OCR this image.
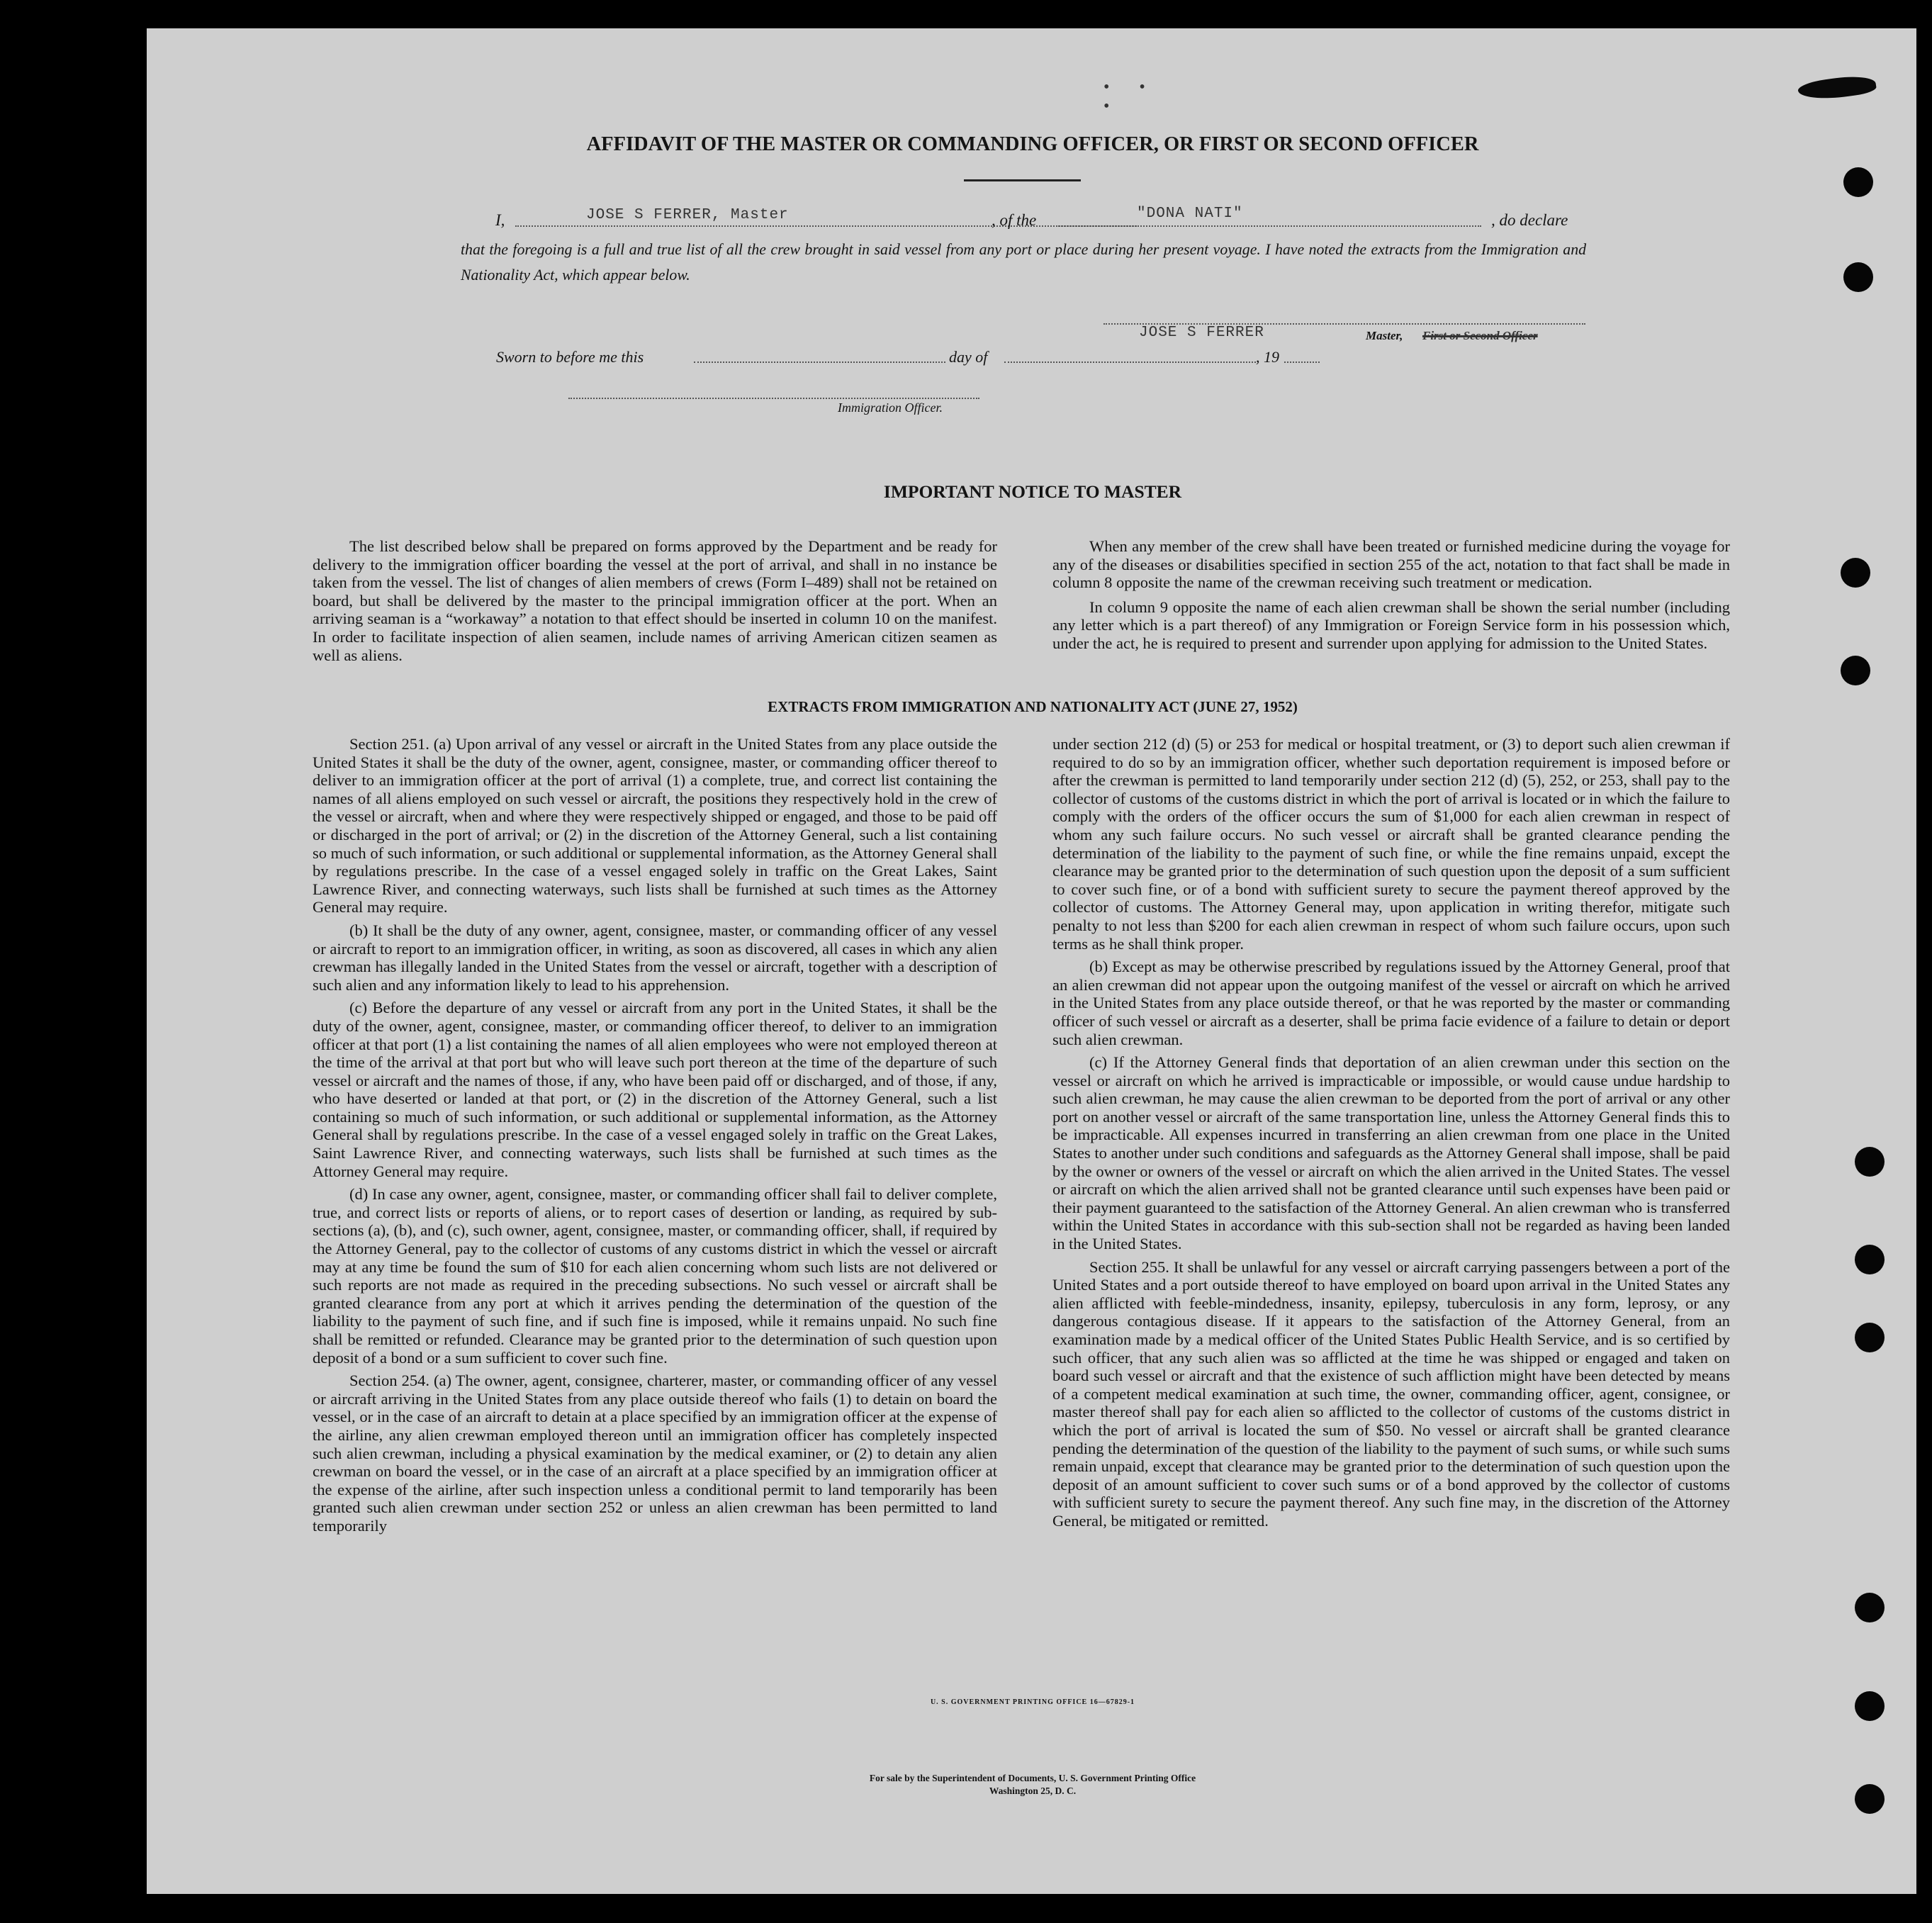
• • •
AFFIDAVIT OF THE MASTER OR COMMANDING OFFICER, OR FIRST OR SECOND OFFICER
I,	JOSE S FERRER, Master	, of the	"DONA NATI"	, do declare
that the foregoing is a full and true list of all the crew brought in said vessel from any port or place during her present voyage. I have noted the extracts from the Immigration and Nationality Act, which appear below.
JOSE S FERRER	Master, First or Second Officer
Sworn to before me this	day of	, 19
Immigration Officer.
IMPORTANT NOTICE TO MASTER

The list described below shall be prepared on forms approved by the Department and be ready for delivery to the immigration officer boarding the vessel at the port of arrival, and shall in no instance be taken from the vessel. The list of changes of alien members of crews (Form I–489) shall not be retained on board, but shall be delivered by the master to the principal immigration officer at the port. When an arriving seaman is a “workaway” a notation to that effect should be inserted in column 10 on the manifest. In order to facilitate inspection of alien seamen, include names of arriving American citizen seamen as well as aliens.

When any member of the crew shall have been treated or furnished medicine during the voyage for any of the diseases or disabilities specified in section 255 of the act, notation to that fact shall be made in column 8 opposite the name of the crewman receiving such treatment or medication.

In column 9 opposite the name of each alien crewman shall be shown the serial number (including any letter which is a part thereof) of any Immigration or Foreign Service form in his possession which, under the act, he is required to present and surrender upon applying for admission to the United States.

EXTRACTS FROM IMMIGRATION AND NATIONALITY ACT (JUNE 27, 1952)

Section 251. (a) Upon arrival of any vessel or aircraft in the United States from any place outside the United States it shall be the duty of the owner, agent, consignee, master, or commanding officer thereof to deliver to an immigration officer at the port of arrival (1) a complete, true, and correct list containing the names of all aliens employed on such vessel or aircraft, the positions they respectively hold in the crew of the vessel or aircraft, when and where they were respectively shipped or engaged, and those to be paid off or discharged in the port of arrival; or (2) in the discretion of the Attorney General, such a list containing so much of such information, or such additional or supplemental information, as the Attorney General shall by regulations prescribe. In the case of a vessel engaged solely in traffic on the Great Lakes, Saint Lawrence River, and connecting waterways, such lists shall be furnished at such times as the Attorney General may require.

(b) It shall be the duty of any owner, agent, consignee, master, or commanding officer of any vessel or aircraft to report to an immigration officer, in writing, as soon as discovered, all cases in which any alien crewman has illegally landed in the United States from the vessel or aircraft, together with a description of such alien and any information likely to lead to his apprehension.

(c) Before the departure of any vessel or aircraft from any port in the United States, it shall be the duty of the owner, agent, consignee, master, or commanding officer thereof, to deliver to an immigration officer at that port (1) a list containing the names of all alien employees who were not employed thereon at the time of the arrival at that port but who will leave such port thereon at the time of the departure of such vessel or aircraft and the names of those, if any, who have been paid off or discharged, and of those, if any, who have deserted or landed at that port, or (2) in the discretion of the Attorney General, such a list containing so much of such information, or such additional or supplemental information, as the Attorney General shall by regulations prescribe. In the case of a vessel engaged solely in traffic on the Great Lakes, Saint Lawrence River, and connecting waterways, such lists shall be furnished at such times as the Attorney General may require.

(d) In case any owner, agent, consignee, master, or commanding officer shall fail to deliver complete, true, and correct lists or reports of aliens, or to report cases of desertion or landing, as required by sub-sections (a), (b), and (c), such owner, agent, consignee, master, or commanding officer, shall, if required by the Attorney General, pay to the collector of customs of any customs district in which the vessel or aircraft may at any time be found the sum of $10 for each alien concerning whom such lists are not delivered or such reports are not made as required in the preceding subsections. No such vessel or aircraft shall be granted clearance from any port at which it arrives pending the determination of the question of the liability to the payment of such fine, and if such fine is imposed, while it remains unpaid. No such fine shall be remitted or refunded. Clearance may be granted prior to the determination of such question upon deposit of a bond or a sum sufficient to cover such fine.

Section 254. (a) The owner, agent, consignee, charterer, master, or commanding officer of any vessel or aircraft arriving in the United States from any place outside thereof who fails (1) to detain on board the vessel, or in the case of an aircraft to detain at a place specified by an immigration officer at the expense of the airline, any alien crewman employed thereon until an immigration officer has completely inspected such alien crewman, including a physical examination by the medical examiner, or (2) to detain any alien crewman on board the vessel, or in the case of an aircraft at a place specified by an immigration officer at the expense of the airline, after such inspection unless a conditional permit to land temporarily has been granted such alien crewman under section 252 or unless an alien crewman has been permitted to land temporarily

under section 212 (d) (5) or 253 for medical or hospital treatment, or (3) to deport such alien crewman if required to do so by an immigration officer, whether such deportation requirement is imposed before or after the crewman is permitted to land temporarily under section 212 (d) (5), 252, or 253, shall pay to the collector of customs of the customs district in which the port of arrival is located or in which the failure to comply with the orders of the officer occurs the sum of $1,000 for each alien crewman in respect of whom any such failure occurs. No such vessel or aircraft shall be granted clearance pending the determination of the liability to the payment of such fine, or while the fine remains unpaid, except the clearance may be granted prior to the determination of such question upon the deposit of a sum sufficient to cover such fine, or of a bond with sufficient surety to secure the payment thereof approved by the collector of customs. The Attorney General may, upon application in writing therefor, mitigate such penalty to not less than $200 for each alien crewman in respect of whom such failure occurs, upon such terms as he shall think proper.

(b) Except as may be otherwise prescribed by regulations issued by the Attorney General, proof that an alien crewman did not appear upon the outgoing manifest of the vessel or aircraft on which he arrived in the United States from any place outside thereof, or that he was reported by the master or commanding officer of such vessel or aircraft as a deserter, shall be prima facie evidence of a failure to detain or deport such alien crewman.

(c) If the Attorney General finds that deportation of an alien crewman under this section on the vessel or aircraft on which he arrived is impracticable or impossible, or would cause undue hardship to such alien crewman, he may cause the alien crewman to be deported from the port of arrival or any other port on another vessel or aircraft of the same transportation line, unless the Attorney General finds this to be impracticable. All expenses incurred in transferring an alien crewman from one place in the United States to another under such conditions and safeguards as the Attorney General shall impose, shall be paid by the owner or owners of the vessel or aircraft on which the alien arrived in the United States. The vessel or aircraft on which the alien arrived shall not be granted clearance until such expenses have been paid or their payment guaranteed to the satisfaction of the Attorney General. An alien crewman who is transferred within the United States in accordance with this sub-section shall not be regarded as having been landed in the United States.

Section 255. It shall be unlawful for any vessel or aircraft carrying passengers between a port of the United States and a port outside thereof to have employed on board upon arrival in the United States any alien afflicted with feeble-mindedness, insanity, epilepsy, tuberculosis in any form, leprosy, or any dangerous contagious disease. If it appears to the satisfaction of the Attorney General, from an examination made by a medical officer of the United States Public Health Service, and is so certified by such officer, that any such alien was so afflicted at the time he was shipped or engaged and taken on board such vessel or aircraft and that the existence of such affliction might have been detected by means of a competent medical examination at such time, the owner, commanding officer, agent, consignee, or master thereof shall pay for each alien so afflicted to the collector of customs of the customs district in which the port of arrival is located the sum of $50. No vessel or aircraft shall be granted clearance pending the determination of the question of the liability to the payment of such sums, or while such sums remain unpaid, except that clearance may be granted prior to the determination of such question upon the deposit of an amount sufficient to cover such sums or of a bond approved by the collector of customs with sufficient surety to secure the payment thereof. Any such fine may, in the discretion of the Attorney General, be mitigated or remitted.

U. S. GOVERNMENT PRINTING OFFICE 16—67829-1
For sale by the Superintendent of Documents, U. S. Government Printing Office
Washington 25, D. C.
